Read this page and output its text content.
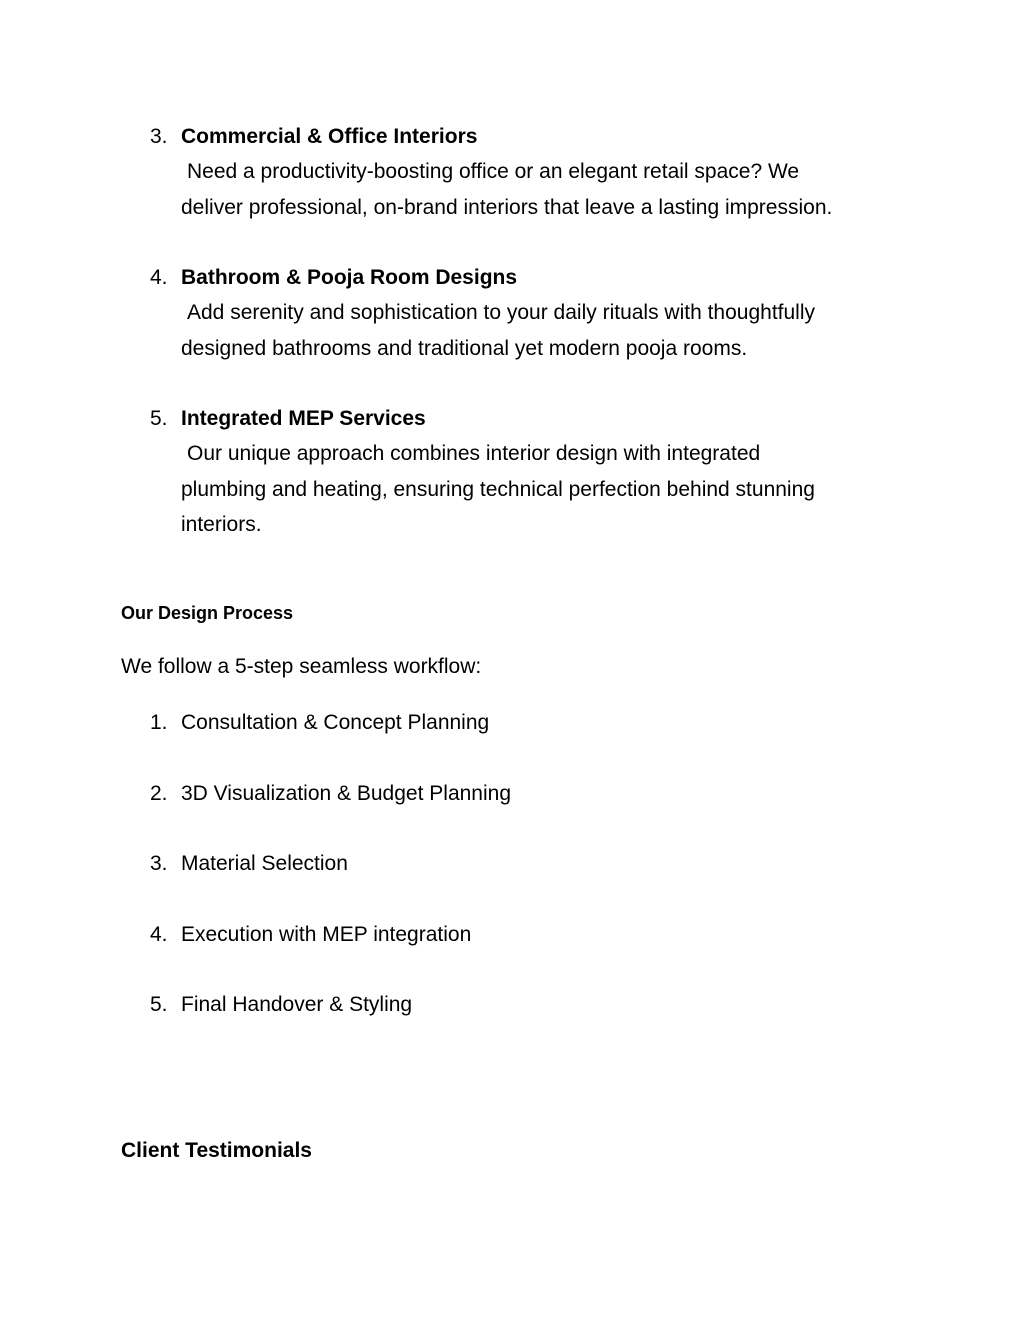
3. Commercial & Office Interiors
Need a productivity-boosting office or an elegant retail space? We
deliver professional, on-brand interiors that leave a lasting impression.
4. Bathroom & Pooja Room Designs
Add serenity and sophistication to your daily rituals with thoughtfully
designed bathrooms and traditional yet modern pooja rooms.
5. Integrated MEP Services
Our unique approach combines interior design with integrated
plumbing and heating, ensuring technical perfection behind stunning
interiors.
Our Design Process

We follow a 5-step seamless workflow:

1. Consultation & Concept Planning
2. 3D Visualization & Budget Planning
3. Material Selection
4. Execution with MEP integration
5. Final Handover & Styling
Client Testimonials
